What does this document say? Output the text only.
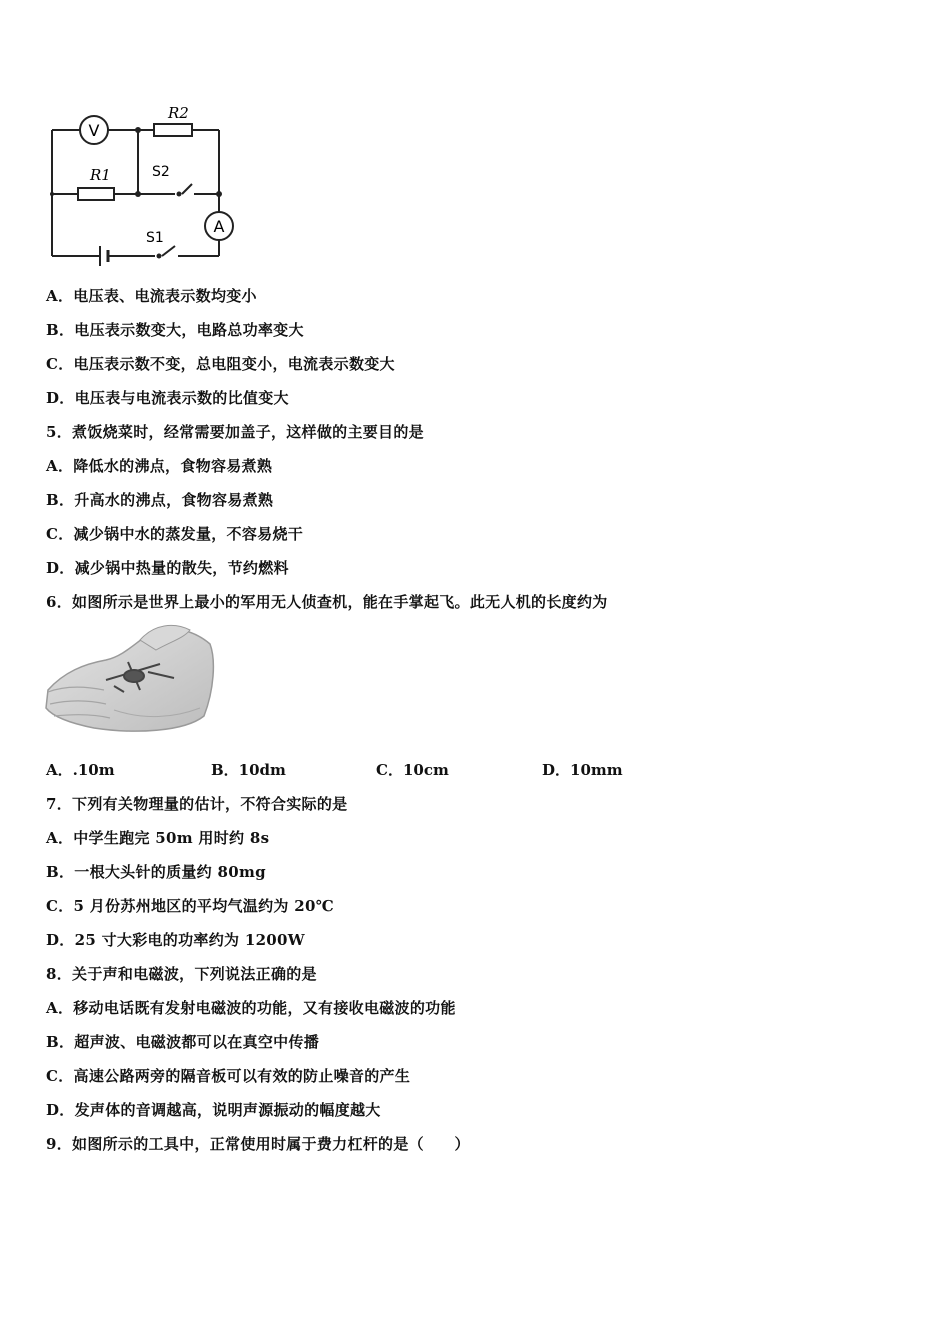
V
R2
R1	S2
A
S1
A．电压表、电流表示数均变小
B．电压表示数变大，电路总功率变大
C．电压表示数不变，总电阻变小，电流表示数变大
D．电压表与电流表示数的比值变大
5．煮饭烧菜时，经常需要加盖子，这样做的主要目的是
A．降低水的沸点，食物容易煮熟
B．升高水的沸点，食物容易煮熟
C．减少锅中水的蒸发量，不容易烧干
D．减少锅中热量的散失，节约燃料
6．如图所示是世界上最小的军用无人侦查机，能在手掌起飞。此无人机的长度约为
A．.10m	B．10dm	C．10cm	D．10mm
7．下列有关物理量的估计，不符合实际的是
A．中学生跑完 50m 用时约 8s
B．一根大头针的质量约 80mg
C．5 月份苏州地区的平均气温约为 20℃
D．25 寸大彩电的功率约为 1200W
8．关于声和电磁波，下列说法正确的是
A．移动电话既有发射电磁波的功能，又有接收电磁波的功能
B．超声波、电磁波都可以在真空中传播
C．高速公路两旁的隔音板可以有效的防止噪音的产生
D．发声体的音调越高，说明声源振动的幅度越大
9．如图所示的工具中，正常使用时属于费力杠杆的是（　　）
